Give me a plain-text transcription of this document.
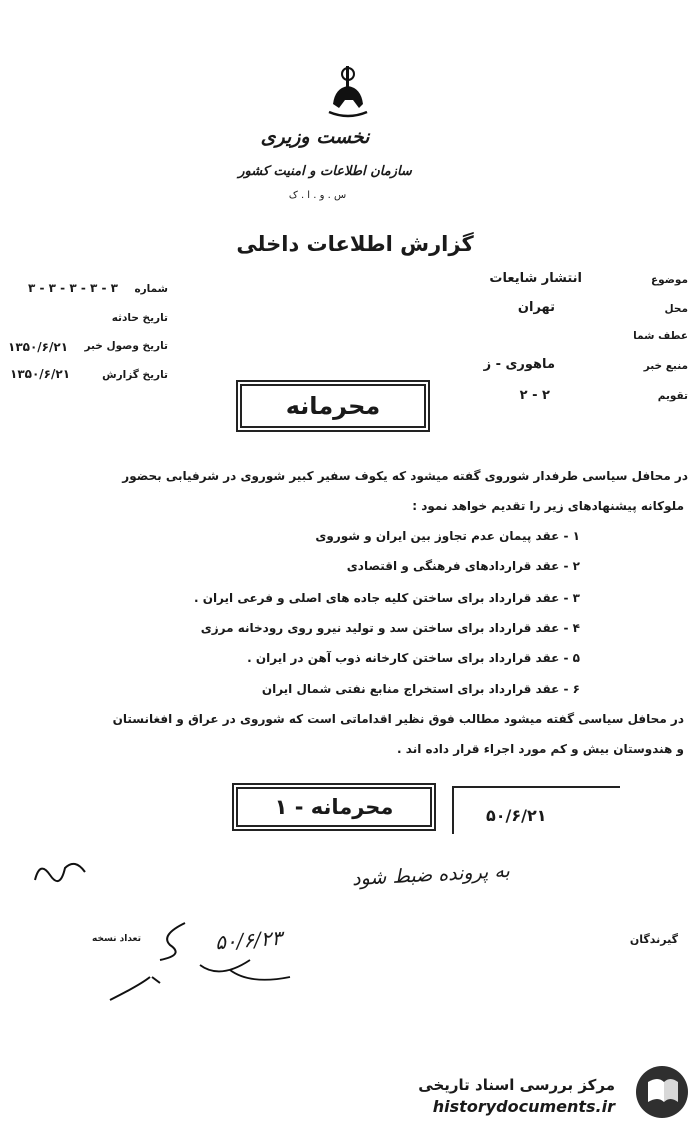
نخست وزیری
سازمان اطلاعات و امنیت کشور
س . و . ا . ک
گزارش اطلاعات داخلی
موضوع
انتشار شایعات
محل
تهران
عطف شما
منبع خبر
ماهوری - ز
تقویم
۲ - ۲
شماره
۳ - ۳ - ۳ - ۳ - ۳
تاریخ حادثه
تاریخ وصول خبر
۱۳۵۰/۶/۲۱
تاریخ گزارش
۱۳۵۰/۶/۲۱
محرمانه
در محافل سیاسی طرفدار شوروی گفته میشود که یکوف سفیر کبیر شوروی در شرفیابی بحضور
ملوکانه پیشنهادهای زیر را تقدیم خواهد نمود :
۱ - عقد پیمان عدم تجاوز بین ایران و شوروی
۲ - عقد قراردادهای فرهنگی و اقتصادی
۳ - عقد قرارداد برای ساختن کلیه جاده های اصلی و فرعی ایران .
۴ - عقد قرارداد برای ساختن سد و تولید نیرو روی رودخانه مرزی
۵ - عقد قرارداد برای ساختن کارخانه ذوب آهن در ایران .
۶ - عقد قرارداد برای استخراج منابع نفتی شمال ایران
در محافل سیاسی گفته میشود مطالب فوق نظیر اقداماتی است که شوروی در عراق و افغانستان
و هندوستان بیش و کم مورد اجراء قرار داده اند .
محرمانه - ۱	۵۰/۶/۲۱
به پرونده ضبط شود
گیرندگان
تعداد نسخه	۵۰/۶/۲۳
مرکز بررسی اسناد تاریخی
historydocuments.ir
